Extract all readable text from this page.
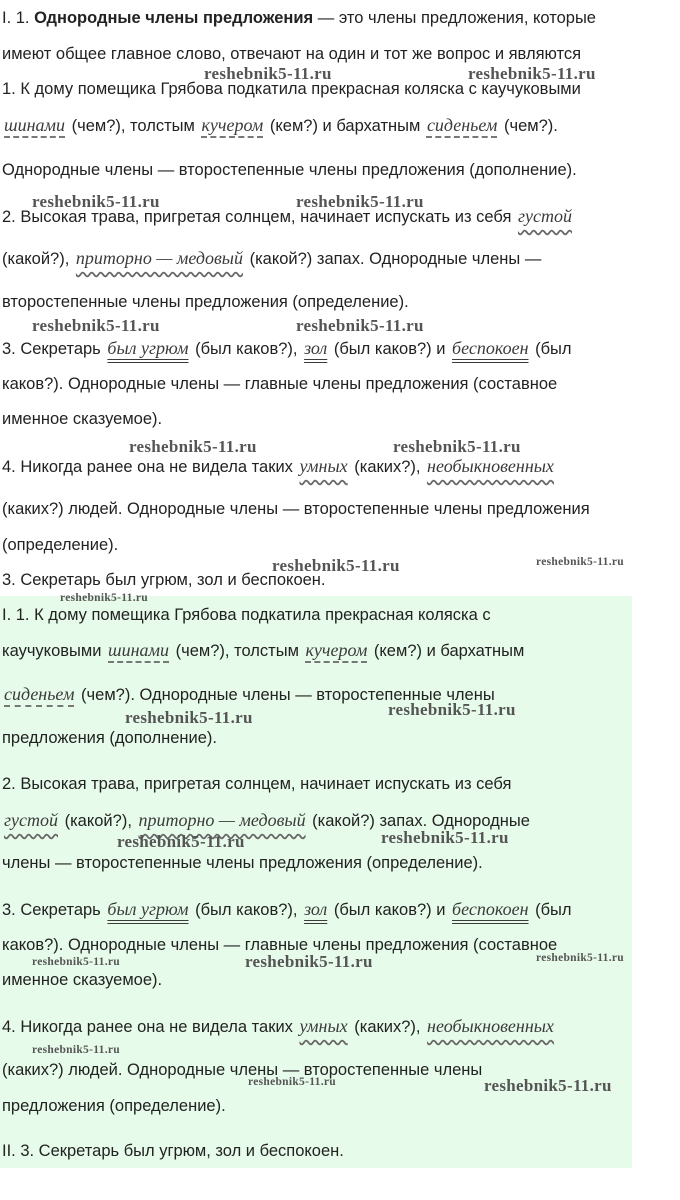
I. 1. Однородные члены предложения — это члены предложения, которые

имеют общее главное слово, отвечают на один и тот же вопрос и являются

1. К дому помещика Грябова подкатила прекрасная коляска с каучуковыми

шинами (чем?), толстым кучером (кем?) и бархатным сиденьем (чем?).

Однородные члены — второстепенные члены предложения (дополнение).

2. Высокая трава, пригретая солнцем, начинает испускать из себя густой

(какой?), приторно — медовый (какой?) запах. Однородные члены —

второстепенные члены предложения (определение).

3. Секретарь был угрюм (был каков?), зол (был каков?) и беспокоен (был

каков?). Однородные члены — главные члены предложения (составное

именное сказуемое).

4. Никогда ранее она не видела таких умных (каких?), необыкновенных

(каких?) людей. Однородные члены — второстепенные члены предложения

(определение).

3. Секретарь был угрюм, зол и беспокоен.

I. 1. К дому помещика Грябова подкатила прекрасная коляска с

каучуковыми шинами (чем?), толстым кучером (кем?) и бархатным

сиденьем (чем?). Однородные члены — второстепенные члены

предложения (дополнение).

2. Высокая трава, пригретая солнцем, начинает испускать из себя

густой (какой?), приторно — медовый (какой?) запах. Однородные

члены — второстепенные члены предложения (определение).

3. Секретарь был угрюм (был каков?), зол (был каков?) и беспокоен (был

каков?). Однородные члены — главные члены предложения (составное

именное сказуемое).

4. Никогда ранее она не видела таких умных (каких?), необыкновенных

(каких?) людей. Однородные члены — второстепенные члены

предложения (определение).

II. 3. Секретарь был угрюм, зол и беспокоен.

reshebnik5-11.ru	reshebnik5-11.ru
reshebnik5-11.ru	reshebnik5-11.ru
reshebnik5-11.ru	reshebnik5-11.ru
reshebnik5-11.ru	reshebnik5-11.ru
reshebnik5-11.ru	reshebnik5-11.ru
reshebnik5-11.ru
reshebnik5-11.ru	reshebnik5-11.ru
reshebnik5-11.ru	reshebnik5-11.ru
reshebnik5-11.ru	reshebnik5-11.ru	reshebnik5-11.ru
reshebnik5-11.ru
reshebnik5-11.ru	reshebnik5-11.ru
